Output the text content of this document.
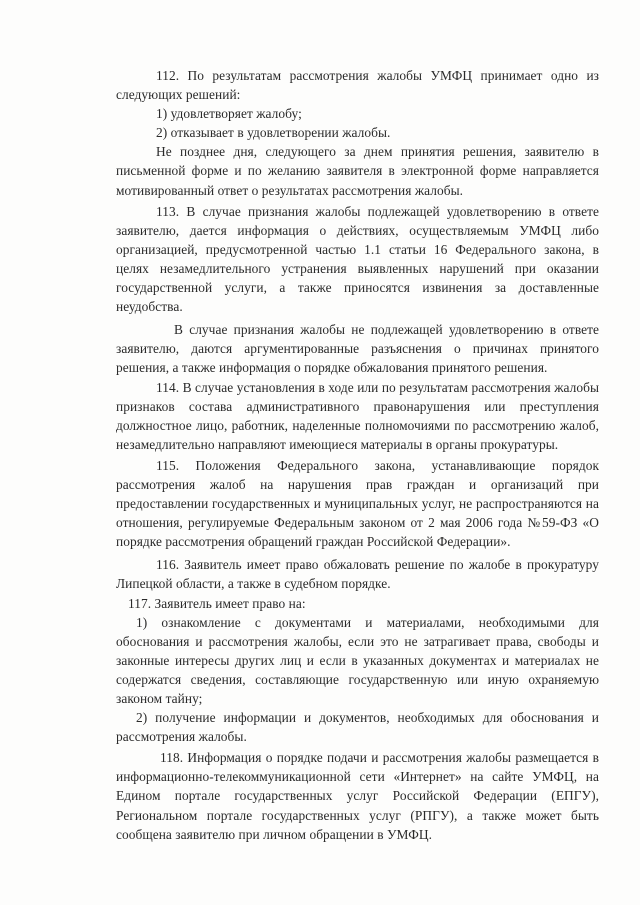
112. По результатам рассмотрения жалобы УМФЦ принимает одно из следующих решений:

1) удовлетворяет жалобу;

2) отказывает в удовлетворении жалобы.

Не позднее дня, следующего за днем принятия решения, заявителю в письменной форме и по желанию заявителя в электронной форме направляется мотивированный ответ о результатах рассмотрения жалобы.

113. В случае признания жалобы подлежащей удовлетворению в ответе заявителю, дается информация о действиях, осуществляемым УМФЦ либо организацией, предусмотренной частью 1.1 статьи 16 Федерального закона, в целях незамедлительного устранения выявленных нарушений при оказании государственной услуги, а также приносятся извинения за доставленные неудобства.

В случае признания жалобы не подлежащей удовлетворению в ответе заявителю, даются аргументированные разъяснения о причинах принятого решения, а также информация о порядке обжалования принятого решения.

114. В случае установления в ходе или по результатам рассмотрения жалобы признаков состава административного правонарушения или преступления должностное лицо, работник, наделенные полномочиями по рассмотрению жалоб, незамедлительно направляют имеющиеся материалы в органы прокуратуры.

115. Положения Федерального закона, устанавливающие порядок рассмотрения жалоб на нарушения прав граждан и организаций при предоставлении государственных и муниципальных услуг, не распространяются на отношения, регулируемые Федеральным законом от 2 мая 2006 года №59-ФЗ «О порядке рассмотрения обращений граждан Российской Федерации».

116. Заявитель имеет право обжаловать решение по жалобе в прокуратуру Липецкой области, а также в судебном порядке.

117. Заявитель имеет право на:

1) ознакомление с документами и материалами, необходимыми для обоснования и рассмотрения жалобы, если это не затрагивает права, свободы и законные интересы других лиц и если в указанных документах и материалах не содержатся сведения, составляющие государственную или иную охраняемую законом тайну;

2) получение информации и документов, необходимых для обоснования и рассмотрения жалобы.

118. Информация о порядке подачи и рассмотрения жалобы размещается в информационно-телекоммуникационной сети «Интернет» на сайте УМФЦ, на Едином портале государственных услуг Российской Федерации (ЕПГУ), Региональном портале государственных услуг (РПГУ), а также может быть сообщена заявителю при личном обращении в УМФЦ.
